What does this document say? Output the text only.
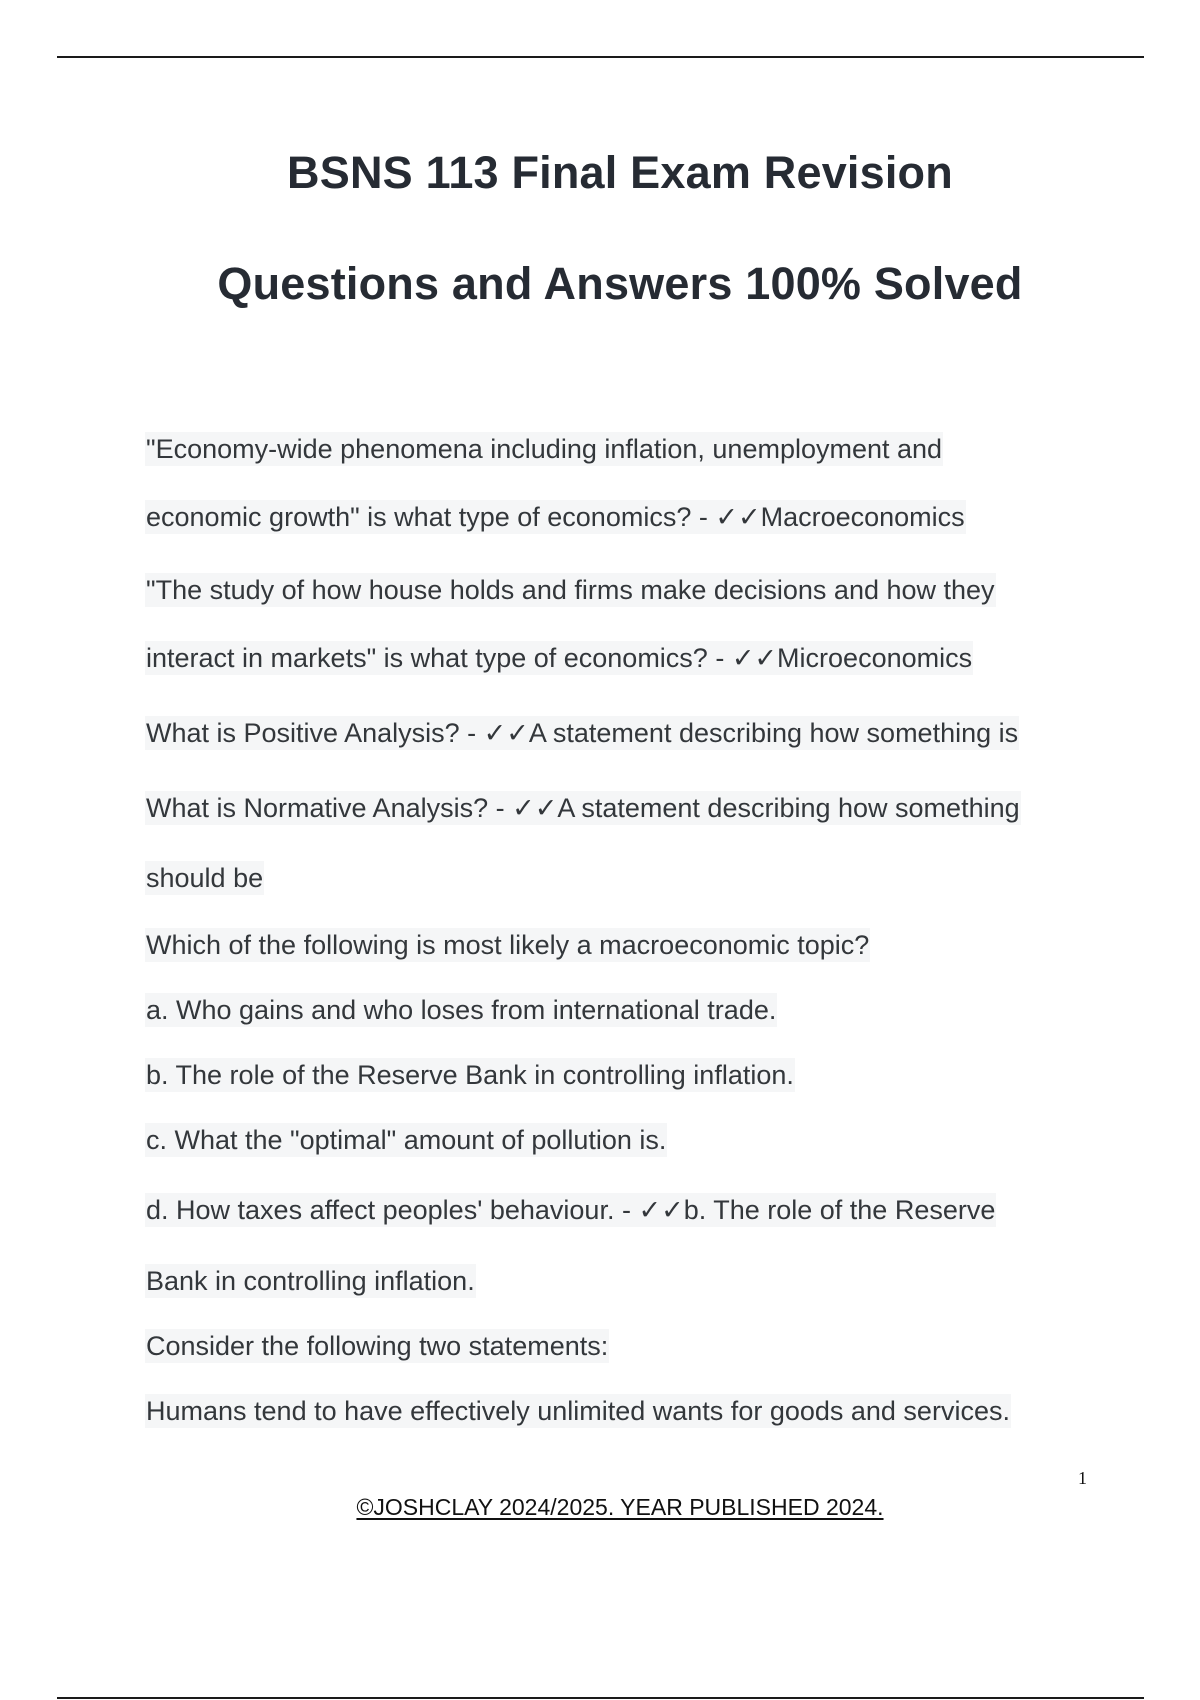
BSNS 113 Final Exam Revision
Questions and Answers 100% Solved
"Economy-wide phenomena including inflation, unemployment and
economic growth" is what type of economics? - ✓✓Macroeconomics
"The study of how house holds and firms make decisions and how they
interact in markets" is what type of economics? - ✓✓Microeconomics
What is Positive Analysis? - ✓✓A statement describing how something is
What is Normative Analysis? - ✓✓A statement describing how something
should be
Which of the following is most likely a macroeconomic topic?
a. Who gains and who loses from international trade.
b. The role of the Reserve Bank in controlling inflation.
c. What the "optimal" amount of pollution is.
d. How taxes affect peoples' behaviour. - ✓✓b. The role of the Reserve
Bank in controlling inflation.
Consider the following two statements:
Humans tend to have effectively unlimited wants for goods and services.
1
©JOSHCLAY 2024/2025. YEAR PUBLISHED 2024.
